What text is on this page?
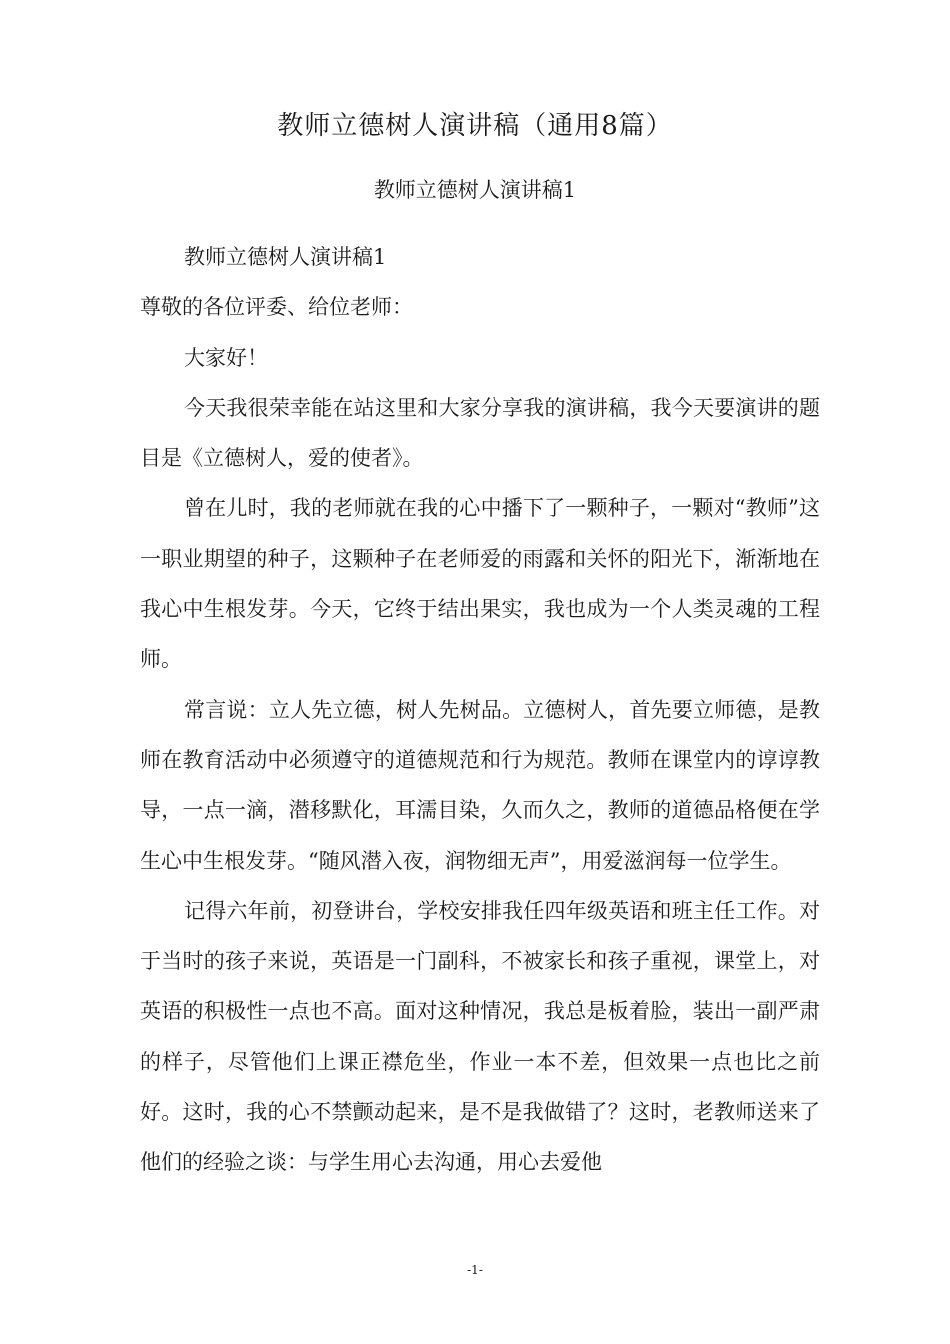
教师立德树人演讲稿（通用8篇）
教师立德树人演讲稿1

教师立德树人演讲稿1

尊敬的各位评委、给位老师：

大家好！

今天我很荣幸能在站这里和大家分享我的演讲稿，我今天要演讲的题目是《立德树人，爱的使者》。

曾在儿时，我的老师就在我的心中播下了一颗种子，一颗对“教师”这一职业期望的种子，这颗种子在老师爱的雨露和关怀的阳光下，渐渐地在我心中生根发芽。今天，它终于结出果实，我也成为一个人类灵魂的工程师。

常言说：立人先立德，树人先树品。立德树人，首先要立师德，是教师在教育活动中必须遵守的道德规范和行为规范。教师在课堂内的谆谆教导，一点一滴，潜移默化，耳濡目染，久而久之，教师的道德品格便在学生心中生根发芽。“随风潜入夜，润物细无声”，用爱滋润每一位学生。

记得六年前，初登讲台，学校安排我任四年级英语和班主任工作。对于当时的孩子来说，英语是一门副科，不被家长和孩子重视，课堂上，对英语的积极性一点也不高。面对这种情况，我总是板着脸，装出一副严肃的样子，尽管他们上课正襟危坐，作业一本不差，但效果一点也比之前好。这时，我的心不禁颤动起来，是不是我做错了？这时，老教师送来了他们的经验之谈：与学生用心去沟通，用心去爱他

-1-
